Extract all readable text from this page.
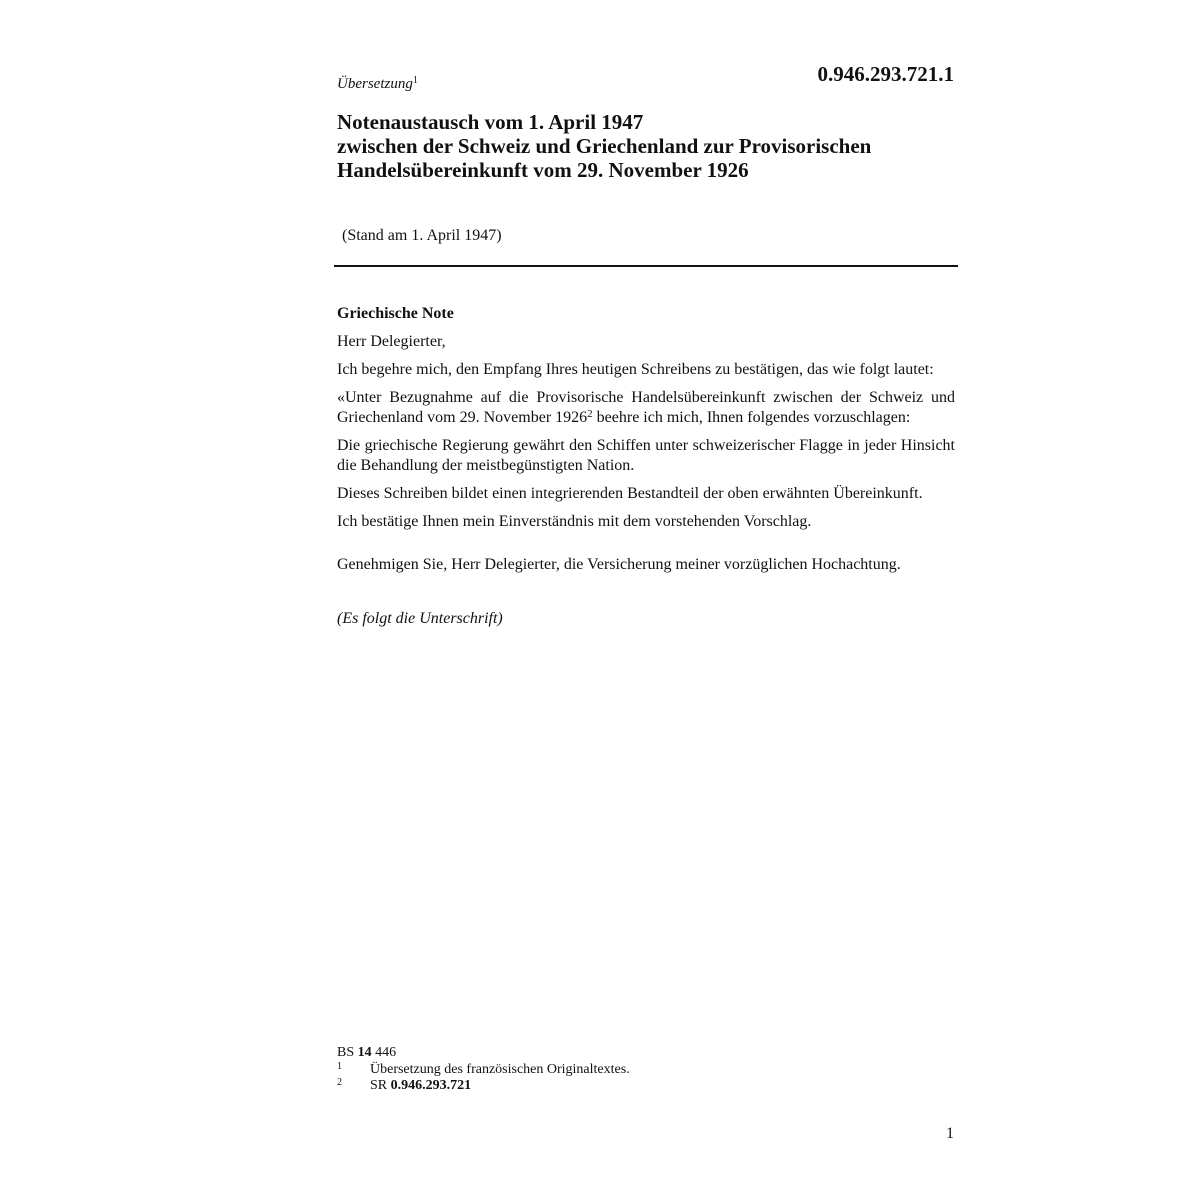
Übersetzung$^1$	0.946.293.721.1
Notenaustausch vom 1. April 1947
zwischen der Schweiz und Griechenland zur Provisorischen
Handelsübereinkunft vom 29. November 1926
(Stand am 1. April 1947)

Griechische Note

Herr Delegierter,

Ich begehre mich, den Empfang Ihres heutigen Schreibens zu bestätigen, das wie folgt lautet:

«Unter Bezugnahme auf die Provisorische Handelsübereinkunft zwischen der Schweiz und Griechenland vom 29. November 1926$^2$ beehre ich mich, Ihnen folgendes vorzuschlagen:

Die griechische Regierung gewährt den Schiffen unter schweizerischer Flagge in jeder Hinsicht die Behandlung der meistbegünstigten Nation.

Dieses Schreiben bildet einen integrierenden Bestandteil der oben erwähnten Übereinkunft.

Ich bestätige Ihnen mein Einverständnis mit dem vorstehenden Vorschlag.

Genehmigen Sie, Herr Delegierter, die Versicherung meiner vorzüglichen Hochachtung.

(Es folgt die Unterschrift)

BS 14 446
1	Übersetzung des französischen Originaltextes.
2	SR 0.946.293.721
1
